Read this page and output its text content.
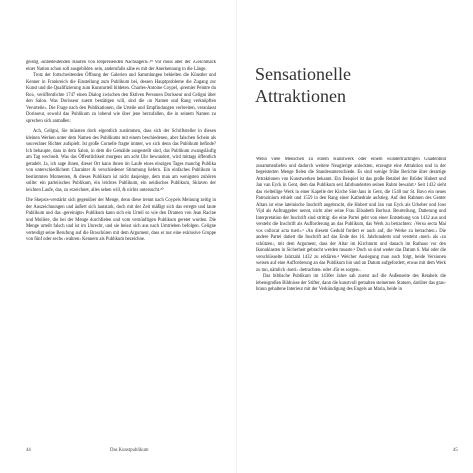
geistig ›unbedeutenden Haufen von lobpreisenden Nachsagern‹.¹⁹ Vor muss aber der ›Geschmack einer Nation schon soll ausgebildet‹ sein, andernfalls sähe es mit der Anerkennung in die Länge.

Trotz der fortschreitenden Öffnung der Galerien und Sammlungen behielten die Künstler und Kenner in Frankreich die Einstellung zum Publikum bei, dessen Hauptprobleme die Zugang zur Kunst und die Qualifizierung zum Kunsturteil bildeten. Charles-Antoine Coypel, ›premier Peintre du Roi‹, veröffentlichte 1747 einen Dialog zwischen den fiktiven Personen Dorisseur und Celigni über den Salon. Was Dorisseur zuerst bestätigen will, sind die ›in Namen und Rang verknüpften Verurteile‹. Die Frage nach den Publikationen, die Urteile und Empfindungen verbreiten, veranlasst Dorisseur, sowohl das Publikum zu lobend wie über jene herzufallen, die in seinem Namen zu sprechen sich anmaßen:

Ach, Celigni, Sie müssten doch eigentlich zustimmen, dass sich der Schriftsteller in diesen kleinen Werken unter dem Namen des Publikums mit einem beschiedenen, aber falschen Schein als souveräner Richter aufspielt. Ist große Cornelle fragte immer, wo sich denn das Publikum befinde? Ich behaupte, dass in dem Salon, in dem die Gemälde ausgestellt sind, das Publikum zwangsläufig am Tag wechselt. Was das Öffentlichkeit morgens um acht Uhr bewundert, wird mittags öffentlich getadelt. Ja, ich sage ihnen, dieser Ort kann ihnen im Laufe eines einzigen Tages manchg Publika von unterschiedlichem Charakter & verschiedener Stimmung liefern. Ein einfaches Publikum in bestimmten Momenten, & dieses Publikum ist nicht dasjenige, dem man am wenigsten zuhören sollte: ein parteiisches Publikum, ein leichtes Publikum, ein neidisches Publikum, Sklaven der leichten Laufe, das, zu erzeichnet, alles sehen will, & nichts untersucht.²⁰

Die Skepsis-verstärkt sich gegenüber der Menge, denn diese trennt nach Coypels Meinung zeitig in der Auszeichnungen und äußert sich lautstark, doch mit der Zeit mäßigt sich das erregte und laute Publikum und das ›gereinigte‹ Publikum kann sich ein Urteil so wie den Dramen von Jean Racine und Molière, die bei der Menge durchfielen und vom vernünftigen Publikum geretet wurden. Die Menge urteilt falsch und ist im Unrecht, und sie beisst sich aus nach Umtrieben befolgen. Celigne verteidigt seine Berufung auf die Broschüren mit dem Argument, dass er nur eine exklusive Gruppe von fünf oder sechs ›wahren‹ Kennern als Publikum bezeichne.

44	Das Kunstpublikum
Sensationelle
Attraktionen

Wenn viele Menschen zu einem Kunstwerk oder einem wunderträchtigen Gnadenbild zusammenliefen und dadurch weitere Neugierige anlockten, erzeugte eine Attraktion und in der begeisterten Menge fielen die Standesunterschiede. Es sind wenige frühe Berichte über derartige Attraktionen von Kunstwerken bekannt. Ein Beispiel ist das große Retabel der Brüder Hubert und Jan van Eyck in Gent, dem das Publikum seit Jahrhunderten seinen Ruhm bewahrt.¹ Seit 1432 sieht das vielteilige Werk in einer Kapelle der Kirche Sint-Jans in Gent, die 1540 nur St. Bavo ein neues Patrozinium erhielt und 1559 in den Rang einer Kathedrale aufstieg. Auf den Rahmen des Genter Altars ist eine lateinische Inschrift angebracht, die Hubert und Jan van Eyck als Urheber und Joos Vijd als Auftraggeber nennt, nicht aber seine Frau Elisabeth Borluut. Beurteilung, Datierung und Interpretation der Inschrift sind strittig: die eine Partei geht von einer Entstehung von 1432 aus und versteht die Inschrift als Aufforderung an das Publikum, das Werk zu betrachten: ›Versu secta Mai vos collocat acta tueri‹.² ›An diesem Geduld fordert er auch auf, die Werke zu betrachten.‹ Die andere Partei datiert die Inschrift auf das Ende des 16. Jahrhunderts und versteht ›tueri‹ als ›zu schützen‹, mit dem Argument, dass der Altar im Kirchturm und danach im Rathaus vor den Ikonoklasten in Sicherheit gebracht werden musste.³ Doch so sind weder das Datum 6. Mai oder die verschlüsselte Jahrzahl 1432 zu erklären.⁴ Welcher Auslegung man auch folgt, beide Versionen weisen auf eine Aufforderung an das Publikum hin und an Datum aufgefordert, etwas mit dem Werk zu tun, nämlich ›tueri‹ ›betrachten‹ oder ›für es sorgen‹.

Das biblische Publikum im 1430er Jahre sah zuerst auf die Außenseite des Retabels die lebensgroßen Bildnisse der Stifter, dann die kunstvoll gemalten steinernen Statuen, darüber das grau-braun gehaltene Interieur mit der Verkündigung des Engels an Maria, beide in

45
